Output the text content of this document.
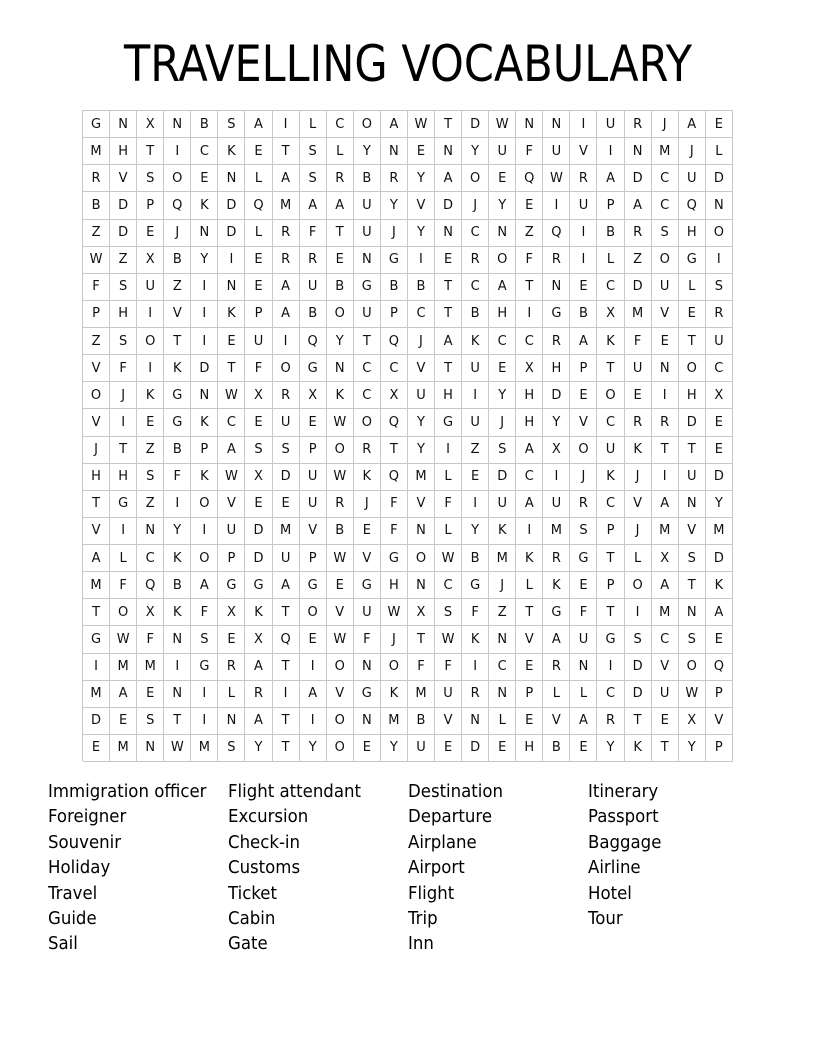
TRAVELLING VOCABULARY
G	N	X	N	B	S	A	I	L	C	O	A	W	T	D	W	N	N	I	U	R	J	A	E
M	H	T	I	C	K	E	T	S	L	Y	N	E	N	Y	U	F	U	V	I	N	M	J	L
R	V	S	O	E	N	L	A	S	R	B	R	Y	A	O	E	Q	W	R	A	D	C	U	D
B	D	P	Q	K	D	Q	M	A	A	U	Y	V	D	J	Y	E	I	U	P	A	C	Q	N
Z	D	E	J	N	D	L	R	F	T	U	J	Y	N	C	N	Z	Q	I	B	R	S	H	O
W	Z	X	B	Y	I	E	R	R	E	N	G	I	E	R	O	F	R	I	L	Z	O	G	I
F	S	U	Z	I	N	E	A	U	B	G	B	B	T	C	A	T	N	E	C	D	U	L	S
P	H	I	V	I	K	P	A	B	O	U	P	C	T	B	H	I	G	B	X	M	V	E	R
Z	S	O	T	I	E	U	I	Q	Y	T	Q	J	A	K	C	C	R	A	K	F	E	T	U
V	F	I	K	D	T	F	O	G	N	C	C	V	T	U	E	X	H	P	T	U	N	O	C
O	J	K	G	N	W	X	R	X	K	C	X	U	H	I	Y	H	D	E	O	E	I	H	X
V	I	E	G	K	C	E	U	E	W	O	Q	Y	G	U	J	H	Y	V	C	R	R	D	E
J	T	Z	B	P	A	S	S	P	O	R	T	Y	I	Z	S	A	X	O	U	K	T	T	E
H	H	S	F	K	W	X	D	U	W	K	Q	M	L	E	D	C	I	J	K	J	I	U	D
T	G	Z	I	O	V	E	E	U	R	J	F	V	F	I	U	A	U	R	C	V	A	N	Y
V	I	N	Y	I	U	D	M	V	B	E	F	N	L	Y	K	I	M	S	P	J	M	V	M
A	L	C	K	O	P	D	U	P	W	V	G	O	W	B	M	K	R	G	T	L	X	S	D
M	F	Q	B	A	G	G	A	G	E	G	H	N	C	G	J	L	K	E	P	O	A	T	K
T	O	X	K	F	X	K	T	O	V	U	W	X	S	F	Z	T	G	F	T	I	M	N	A
G	W	F	N	S	E	X	Q	E	W	F	J	T	W	K	N	V	A	U	G	S	C	S	E
I	M	M	I	G	R	A	T	I	O	N	O	F	F	I	C	E	R	N	I	D	V	O	Q
M	A	E	N	I	L	R	I	A	V	G	K	M	U	R	N	P	L	L	C	D	U	W	P
D	E	S	T	I	N	A	T	I	O	N	M	B	V	N	L	E	V	A	R	T	E	X	V
E	M	N	W	M	S	Y	T	Y	O	E	Y	U	E	D	E	H	B	E	Y	K	T	Y	P
Immigration officer
Foreigner
Souvenir
Holiday
Travel
Guide
Sail
Flight attendant
Excursion
Check-in
Customs
Ticket
Cabin
Gate
Destination
Departure
Airplane
Airport
Flight
Trip
Inn
Itinerary
Passport
Baggage
Airline
Hotel
Tour
